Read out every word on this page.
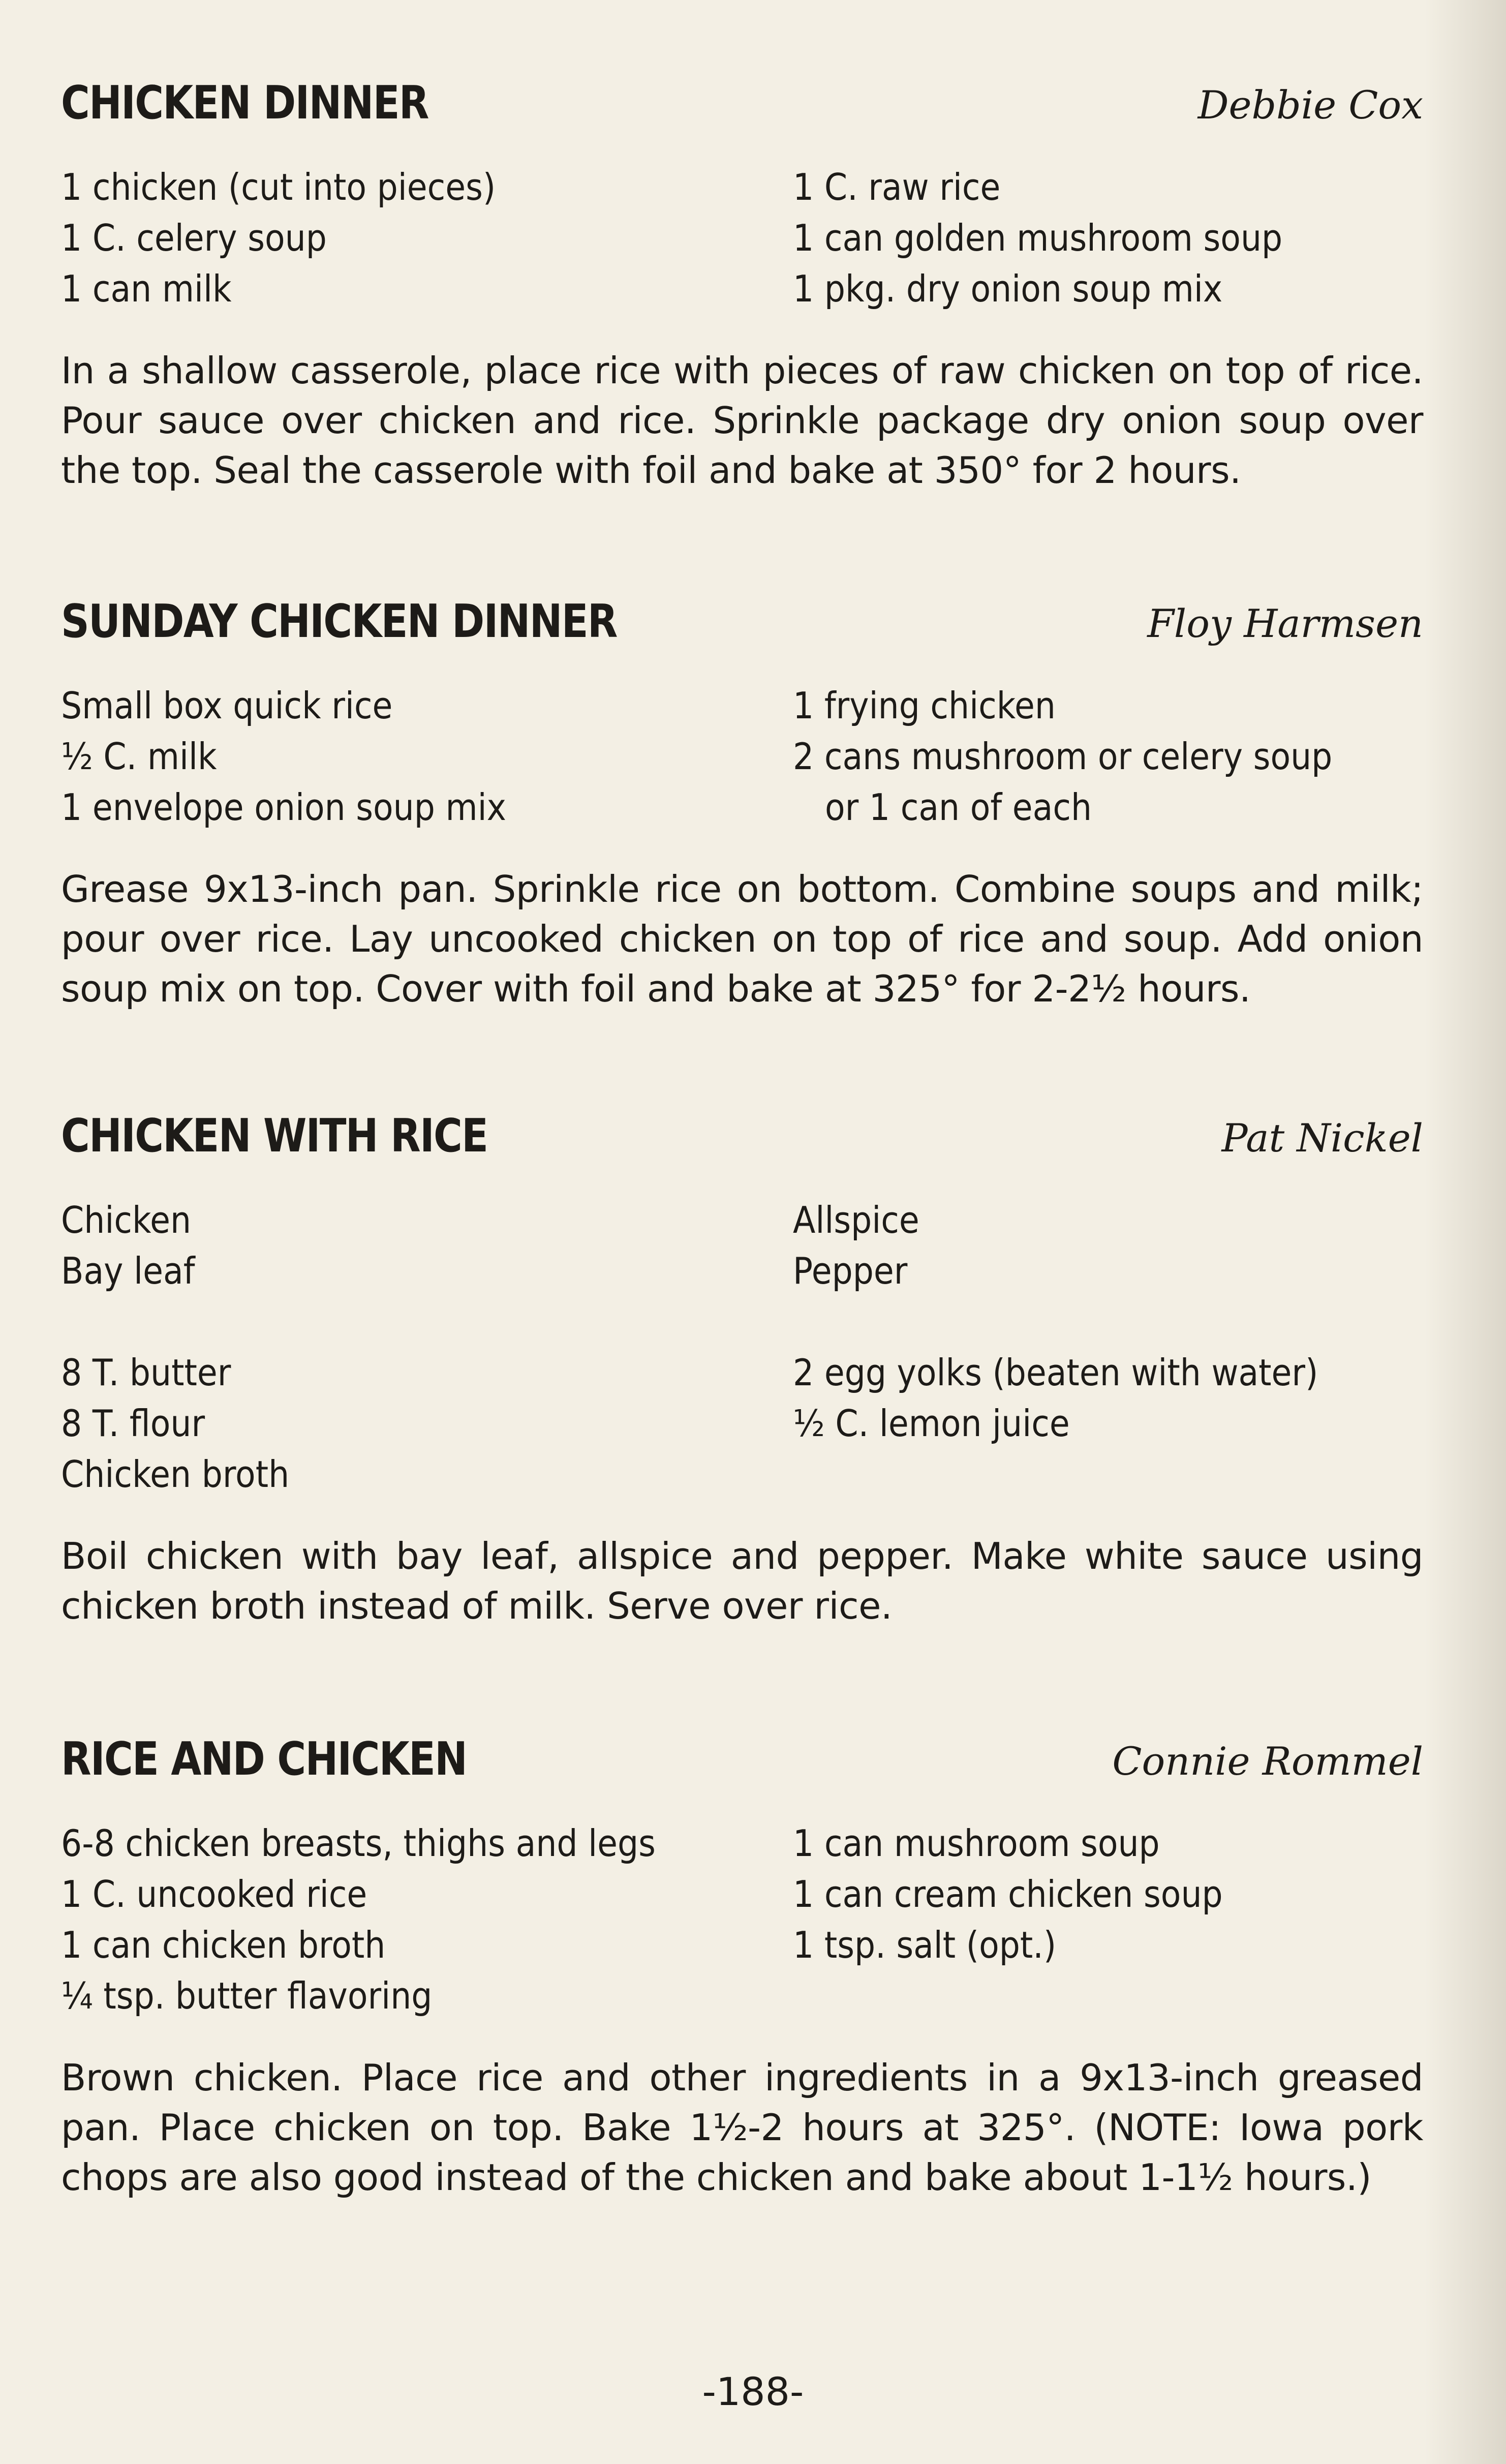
CHICKEN DINNER	Debbie Cox
1 chicken (cut into pieces)
1 C. celery soup
1 can milk
1 C. raw rice
1 can golden mushroom soup
1 pkg. dry onion soup mix
In a shallow casserole, place rice with pieces of raw chicken on top of rice. Pour sauce over chicken and rice. Sprinkle package dry onion soup over the top. Seal the casserole with foil and bake at 350° for 2 hours.
SUNDAY CHICKEN DINNER	Floy Harmsen
Small box quick rice
½ C. milk
1 envelope onion soup mix
1 frying chicken
2 cans mushroom or celery soup
or 1 can of each
Grease 9x13-inch pan. Sprinkle rice on bottom. Combine soups and milk; pour over rice. Lay uncooked chicken on top of rice and soup. Add onion soup mix on top. Cover with foil and bake at 325° for 2-2½ hours.
CHICKEN WITH RICE	Pat Nickel
Chicken
Bay leaf
8 T. butter
8 T. flour
Chicken broth
Allspice
Pepper
2 egg yolks (beaten with water)
½ C. lemon juice
Boil chicken with bay leaf, allspice and pepper. Make white sauce using chicken broth instead of milk. Serve over rice.
RICE AND CHICKEN	Connie Rommel
6-8 chicken breasts, thighs and legs
1 C. uncooked rice
1 can chicken broth
¼ tsp. butter flavoring
1 can mushroom soup
1 can cream chicken soup
1 tsp. salt (opt.)
Brown chicken. Place rice and other ingredients in a 9x13-inch greased pan. Place chicken on top. Bake 1½-2 hours at 325°. (NOTE: Iowa pork chops are also good instead of the chicken and bake about 1-1½ hours.)
-188-
